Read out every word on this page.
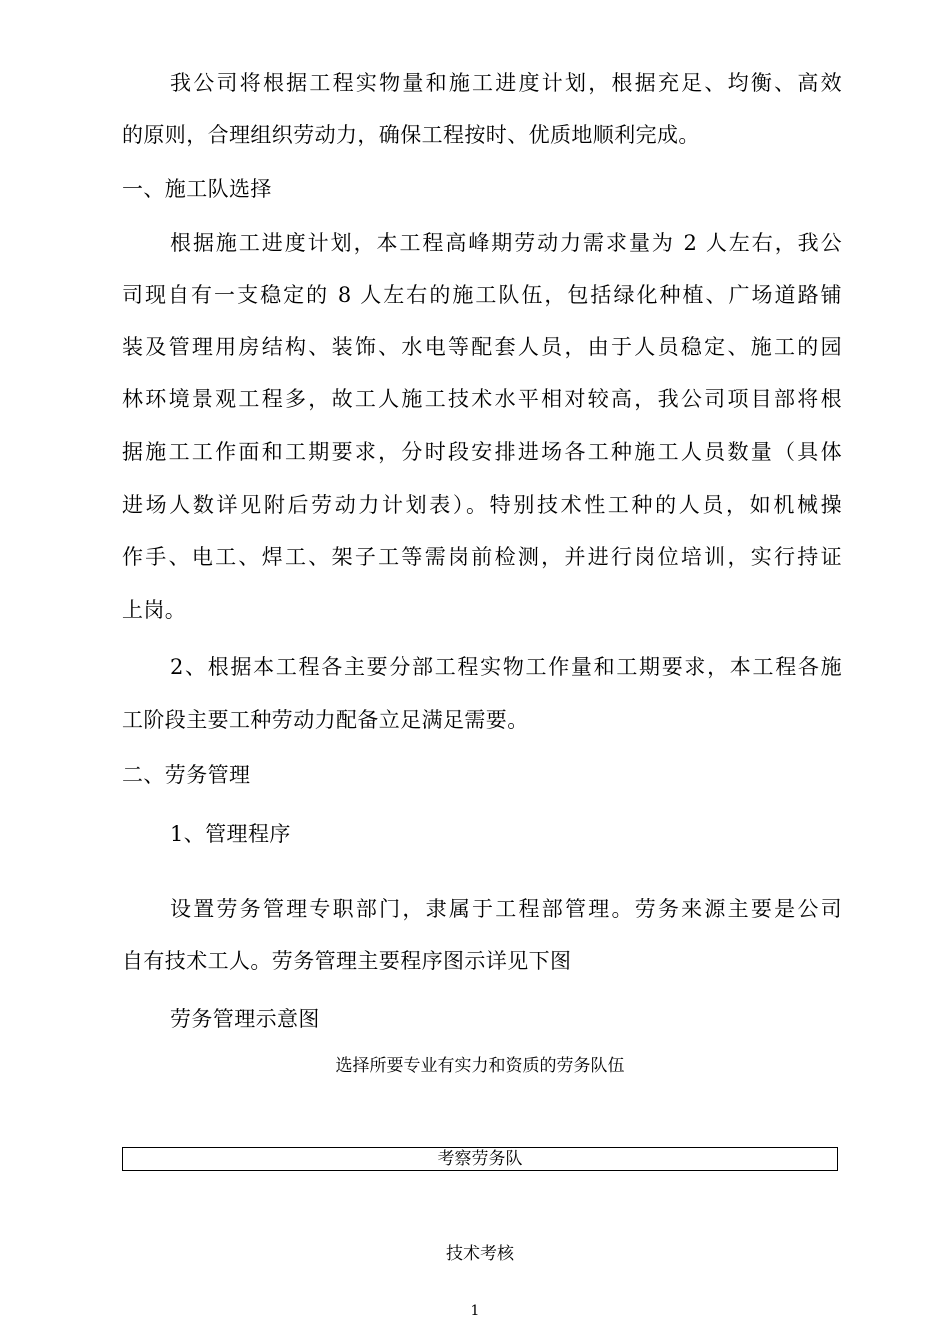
我公司将根据工程实物量和施工进度计划，根据充足、均衡、高效
的原则，合理组织劳动力，确保工程按时、优质地顺利完成。
一、施工队选择
根据施工进度计划，本工程高峰期劳动力需求量为 2 人左右，我公
司现自有一支稳定的 8 人左右的施工队伍，包括绿化种植、广场道路铺
装及管理用房结构、装饰、水电等配套人员，由于人员稳定、施工的园
林环境景观工程多，故工人施工技术水平相对较高，我公司项目部将根
据施工工作面和工期要求，分时段安排进场各工种施工人员数量（具体
进场人数详见附后劳动力计划表）。特别技术性工种的人员，如机械操
作手、电工、焊工、架子工等需岗前检测，并进行岗位培训，实行持证
上岗。
2、根据本工程各主要分部工程实物工作量和工期要求，本工程各施
工阶段主要工种劳动力配备立足满足需要。
二、劳务管理
1、管理程序
设置劳务管理专职部门，隶属于工程部管理。劳务来源主要是公司
自有技术工人。劳务管理主要程序图示详见下图
劳务管理示意图
选择所要专业有实力和资质的劳务队伍
考察劳务队
技术考核
1
